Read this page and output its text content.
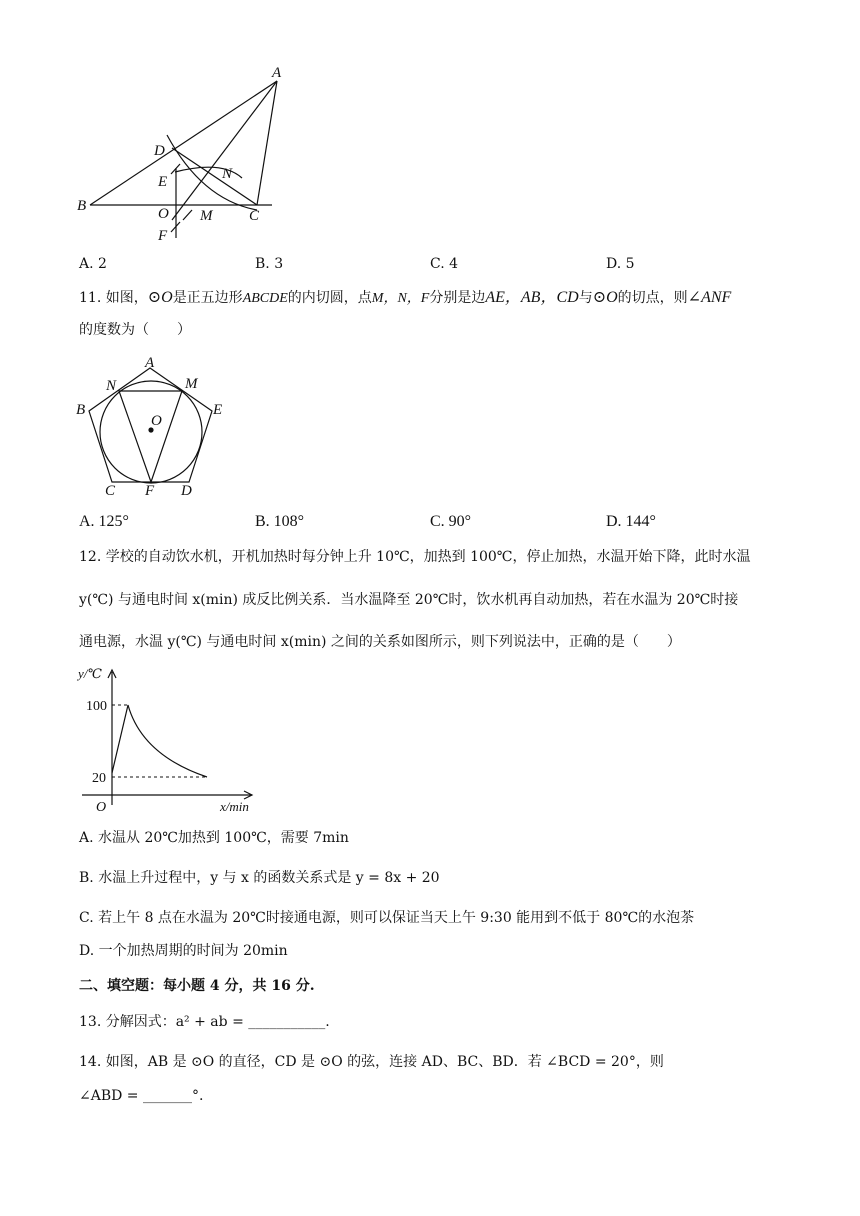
A
B
C
D
E
F
M
N
O
A. 2	B. 3	C. 4	D. 5
11. 如图，⊙O是正五边形ABCDE的内切圆，点M，N，F分别是边AE，AB，CD与⊙O的切点，则∠ANF
的度数为（　　）
A
B
C	D
E
F
M
N
O
A. 125°	B. 108°	C. 90°	D. 144°
12. 学校的自动饮水机，开机加热时每分钟上升 10℃，加热到 100℃，停止加热，水温开始下降，此时水温
y(℃) 与通电时间 x(min) 成反比例关系．当水温降至 20℃时，饮水机再自动加热，若在水温为 20℃时接
通电源，水温 y(℃) 与通电时间 x(min) 之间的关系如图所示，则下列说法中，正确的是（　　）
y/℃
100
20
O	x/min
A. 水温从 20℃加热到 100℃，需要 7min
B. 水温上升过程中，y 与 x 的函数关系式是 y = 8x + 20
C. 若上午 8 点在水温为 20℃时接通电源，则可以保证当天上午 9:30 能用到不低于 80℃的水泡茶
D. 一个加热周期的时间为 20min
二、填空题：每小题 4 分，共 16 分.
13. 分解因式：a² + ab = ___________.
14. 如图，AB 是 ⊙O 的直径，CD 是 ⊙O 的弦，连接 AD、BC、BD．若 ∠BCD = 20°，则
∠ABD = _______°.
